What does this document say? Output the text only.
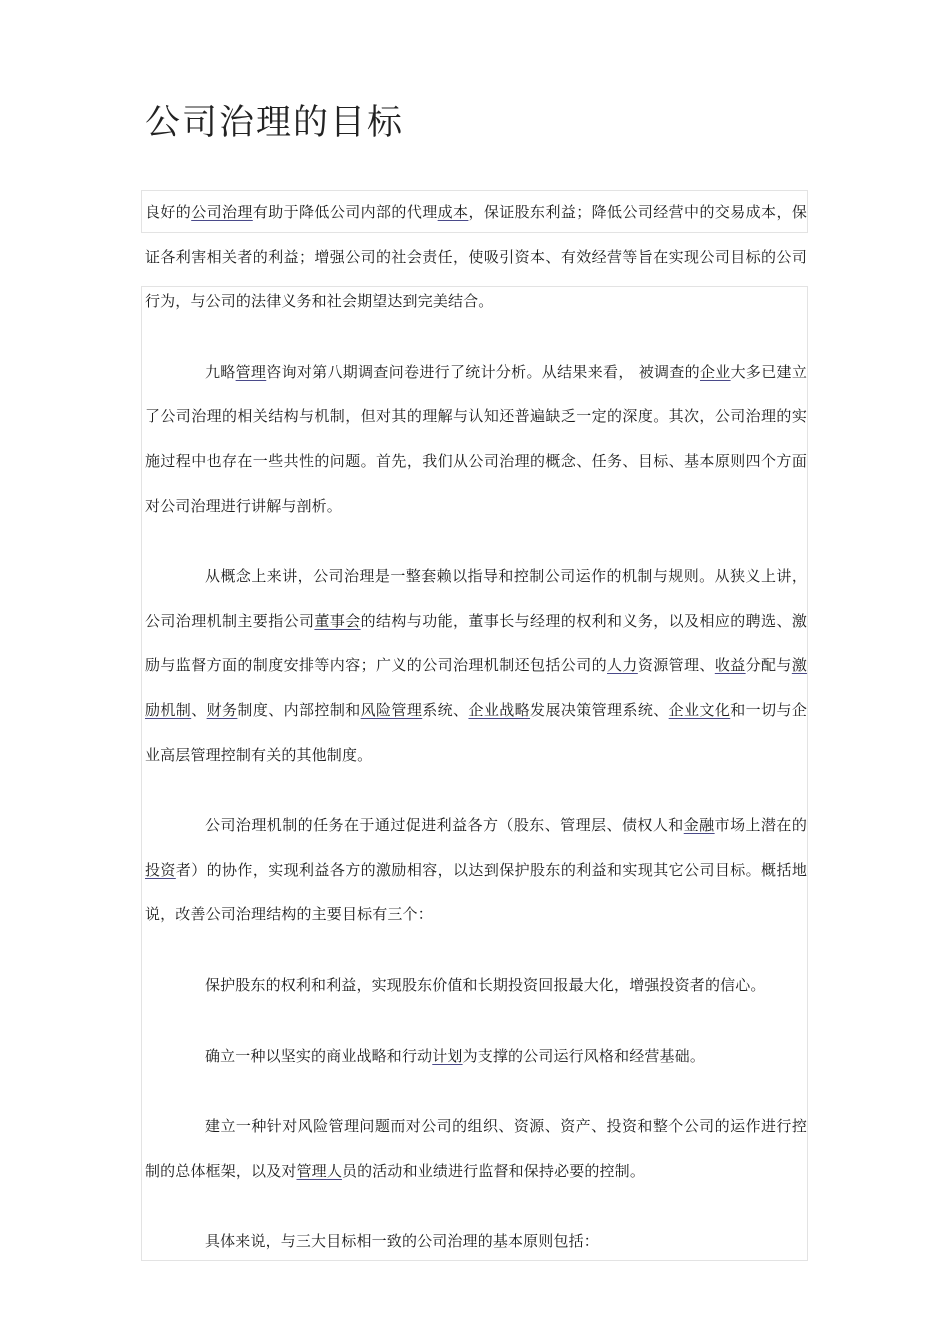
公司治理的目标

良好的公司治理有助于降低公司内部的代理成本，保证股东利益；降低公司经营中的交易成本，保证各利害相关者的利益；增强公司的社会责任，使吸引资本、有效经营等旨在实现公司目标的公司行为，与公司的法律义务和社会期望达到完美结合。

九略管理咨询对第八期调查问卷进行了统计分析。从结果来看， 被调查的企业大多已建立了公司治理的相关结构与机制，但对其的理解与认知还普遍缺乏一定的深度。其次，公司治理的实施过程中也存在一些共性的问题。首先，我们从公司治理的概念、任务、目标、基本原则四个方面对公司治理进行讲解与剖析。

从概念上来讲，公司治理是一整套赖以指导和控制公司运作的机制与规则。从狭义上讲，公司治理机制主要指公司董事会的结构与功能，董事长与经理的权利和义务，以及相应的聘选、激励与监督方面的制度安排等内容；广义的公司治理机制还包括公司的人力资源管理、收益分配与激励机制、财务制度、内部控制和风险管理系统、企业战略发展决策管理系统、企业文化和一切与企业高层管理控制有关的其他制度。

公司治理机制的任务在于通过促进利益各方（股东、管理层、债权人和金融市场上潜在的投资者）的协作，实现利益各方的激励相容，以达到保护股东的利益和实现其它公司目标。概括地说，改善公司治理结构的主要目标有三个：

保护股东的权利和利益，实现股东价值和长期投资回报最大化，增强投资者的信心。

确立一种以坚实的商业战略和行动计划为支撑的公司运行风格和经营基础。

建立一种针对风险管理问题而对公司的组织、资源、资产、投资和整个公司的运作进行控制的总体框架，以及对管理人员的活动和业绩进行监督和保持必要的控制。

具体来说，与三大目标相一致的公司治理的基本原则包括：
